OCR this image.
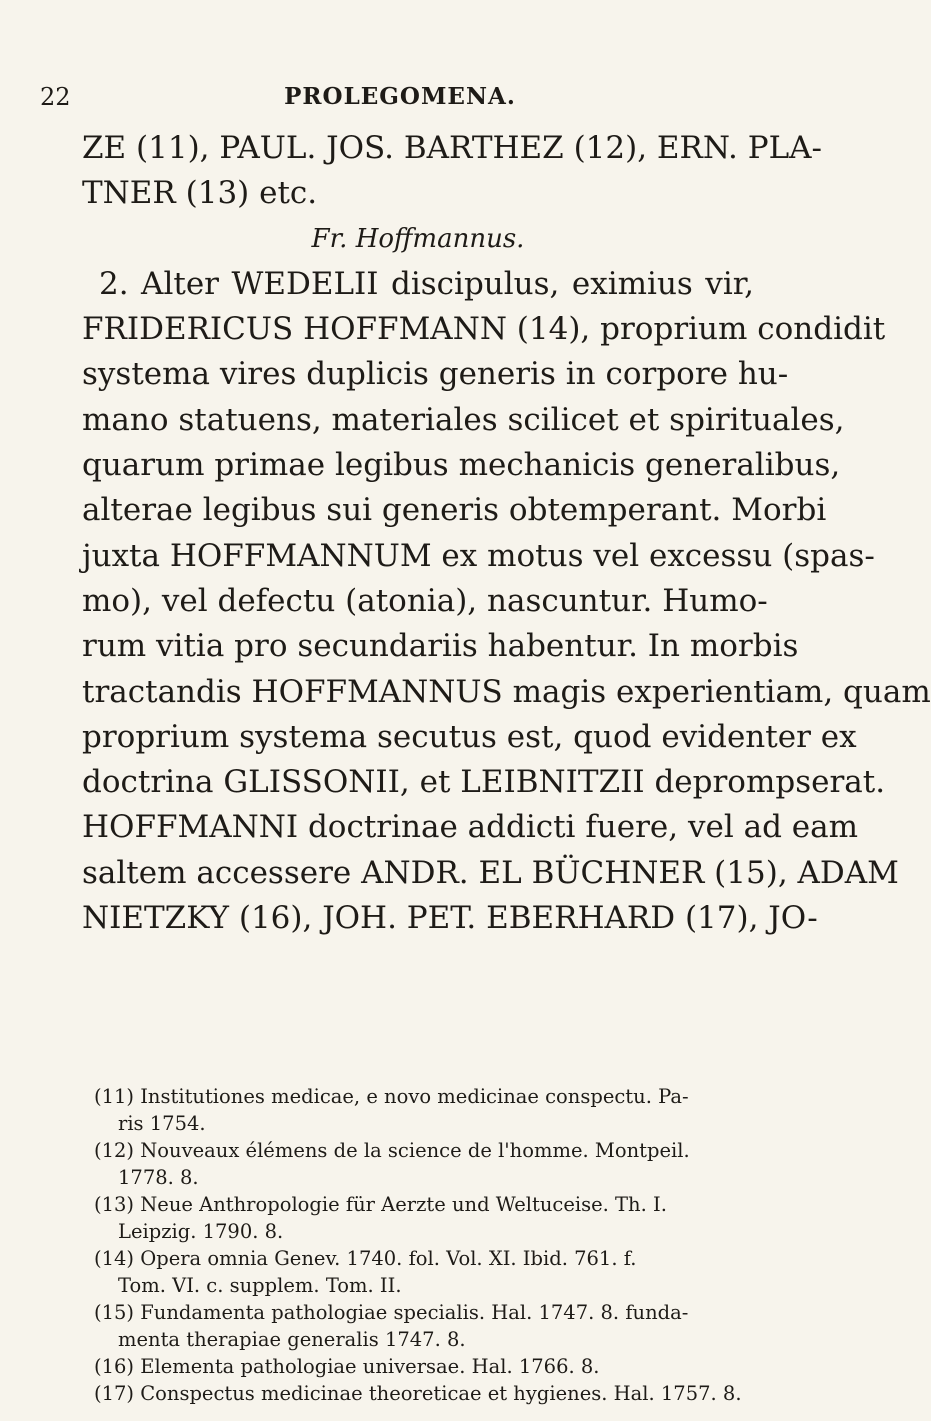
22	PROLEGOMENA.
ZE (11), PAUL. JOS. BARTHEZ (12), ERN. PLA-
TNER (13) etc.
Fr. Hoffmannus.
2. Alter WEDELII discipulus, eximius vir,
FRIDERICUS HOFFMANN (14), proprium condidit
systema vires duplicis generis in corpore hu-
mano statuens, materiales scilicet et spirituales,
quarum primae legibus mechanicis generalibus,
alterae legibus sui generis obtemperant. Morbi
juxta HOFFMANNUM ex motus vel excessu (spas-
mo), vel defectu (atonia), nascuntur. Humo-
rum vitia pro secundariis habentur. In morbis
tractandis HOFFMANNUS magis experientiam, quam
proprium systema secutus est, quod evidenter ex
doctrina GLISSONII, et LEIBNITZII deprompserat.
HOFFMANNI doctrinae addicti fuere, vel ad eam
saltem accessere ANDR. EL BÜCHNER (15), ADAM
NIETZKY (16), JOH. PET. EBERHARD (17), JO-
(11) Institutiones medicae, e novo medicinae conspectu. Pa-
ris 1754.
(12) Nouveaux élémens de la science de l'homme. Montpeil.
1778. 8.
(13) Neue Anthropologie für Aerzte und Weltuceise. Th. I.
Leipzig. 1790. 8.
(14) Opera omnia Genev. 1740. fol. Vol. XI. Ibid. 761. f.
Tom. VI. c. supplem. Tom. II.
(15) Fundamenta pathologiae specialis. Hal. 1747. 8. funda-
menta therapiae generalis 1747. 8.
(16) Elementa pathologiae universae. Hal. 1766. 8.
(17) Conspectus medicinae theoreticae et hygienes. Hal. 1757. 8.
